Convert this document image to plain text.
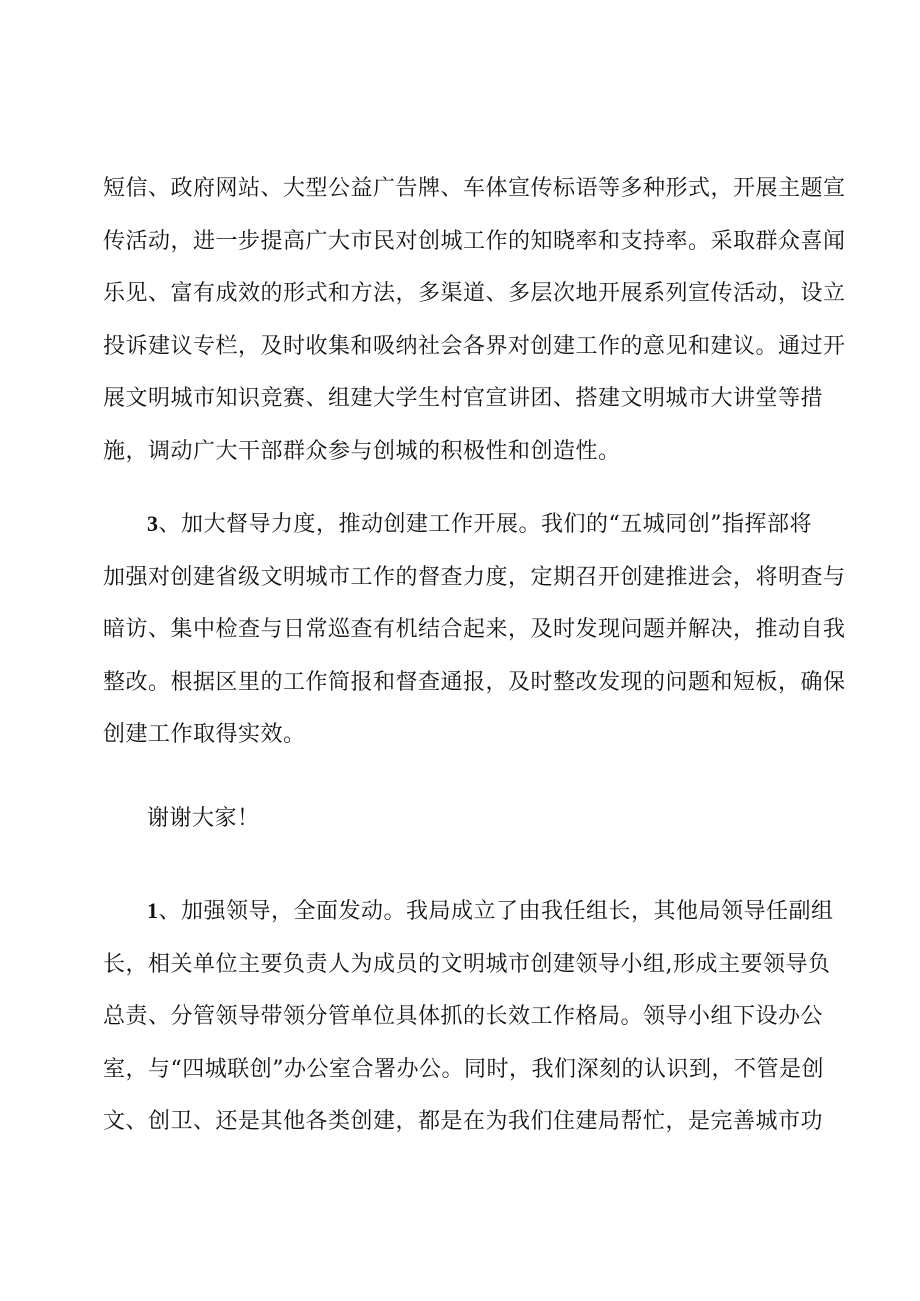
短信、政府网站、大型公益广告牌、车体宣传标语等多种形式，开展主题宣
传活动，进一步提高广大市民对创城工作的知晓率和支持率。采取群众喜闻
乐见、富有成效的形式和方法，多渠道、多层次地开展系列宣传活动，设立
投诉建议专栏，及时收集和吸纳社会各界对创建工作的意见和建议。通过开
展文明城市知识竞赛、组建大学生村官宣讲团、搭建文明城市大讲堂等措
施，调动广大干部群众参与创城的积极性和创造性。
3、加大督导力度，推动创建工作开展。我们的“五城同创”指挥部将
加强对创建省级文明城市工作的督查力度，定期召开创建推进会，将明查与
暗访、集中检查与日常巡查有机结合起来，及时发现问题并解决，推动自我
整改。根据区里的工作简报和督查通报，及时整改发现的问题和短板，确保
创建工作取得实效。
谢谢大家！
1、加强领导，全面发动。我局成立了由我任组长，其他局领导任副组
长，相关单位主要负责人为成员的文明城市创建领导小组,形成主要领导负
总责、分管领导带领分管单位具体抓的长效工作格局。领导小组下设办公
室，与“四城联创”办公室合署办公。同时，我们深刻的认识到，不管是创
文、创卫、还是其他各类创建，都是在为我们住建局帮忙，是完善城市功
